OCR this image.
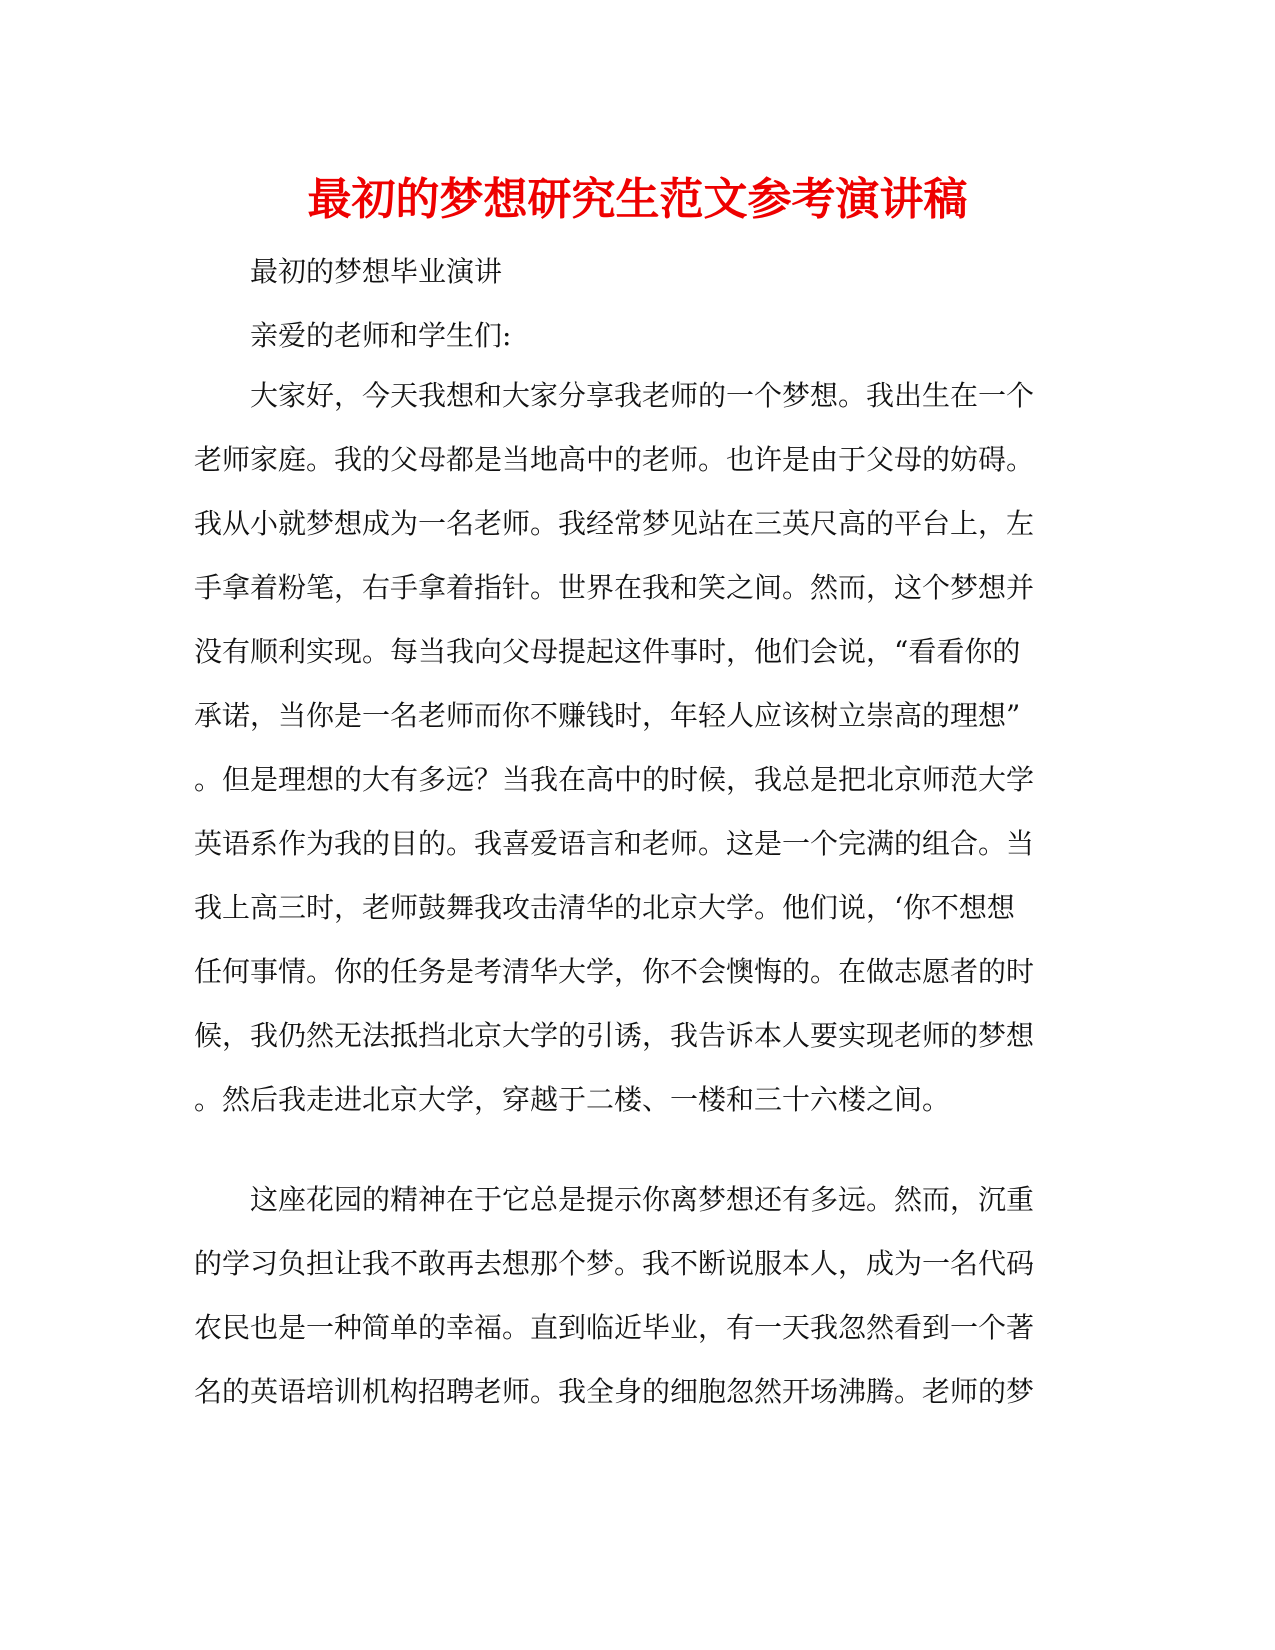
最初的梦想研究生范文参考演讲稿
最初的梦想毕业演讲
亲爱的老师和学生们:
大家好，今天我想和大家分享我老师的一个梦想。我出生在一个
老师家庭。我的父母都是当地高中的老师。也许是由于父母的妨碍。
我从小就梦想成为一名老师。我经常梦见站在三英尺高的平台上，左
手拿着粉笔，右手拿着指针。世界在我和笑之间。然而，这个梦想并
没有顺利实现。每当我向父母提起这件事时，他们会说，“看看你的
承诺，当你是一名老师而你不赚钱时，年轻人应该树立崇高的理想”
。但是理想的大有多远？当我在高中的时候，我总是把北京师范大学
英语系作为我的目的。我喜爱语言和老师。这是一个完满的组合。当
我上高三时，老师鼓舞我攻击清华的北京大学。他们说，‘你不想想
任何事情。你的任务是考清华大学，你不会懊悔的。在做志愿者的时
候，我仍然无法抵挡北京大学的引诱，我告诉本人要实现老师的梦想
。然后我走进北京大学，穿越于二楼、一楼和三十六楼之间。
这座花园的精神在于它总是提示你离梦想还有多远。然而，沉重
的学习负担让我不敢再去想那个梦。我不断说服本人，成为一名代码
农民也是一种简单的幸福。直到临近毕业，有一天我忽然看到一个著
名的英语培训机构招聘老师。我全身的细胞忽然开场沸腾。老师的梦
